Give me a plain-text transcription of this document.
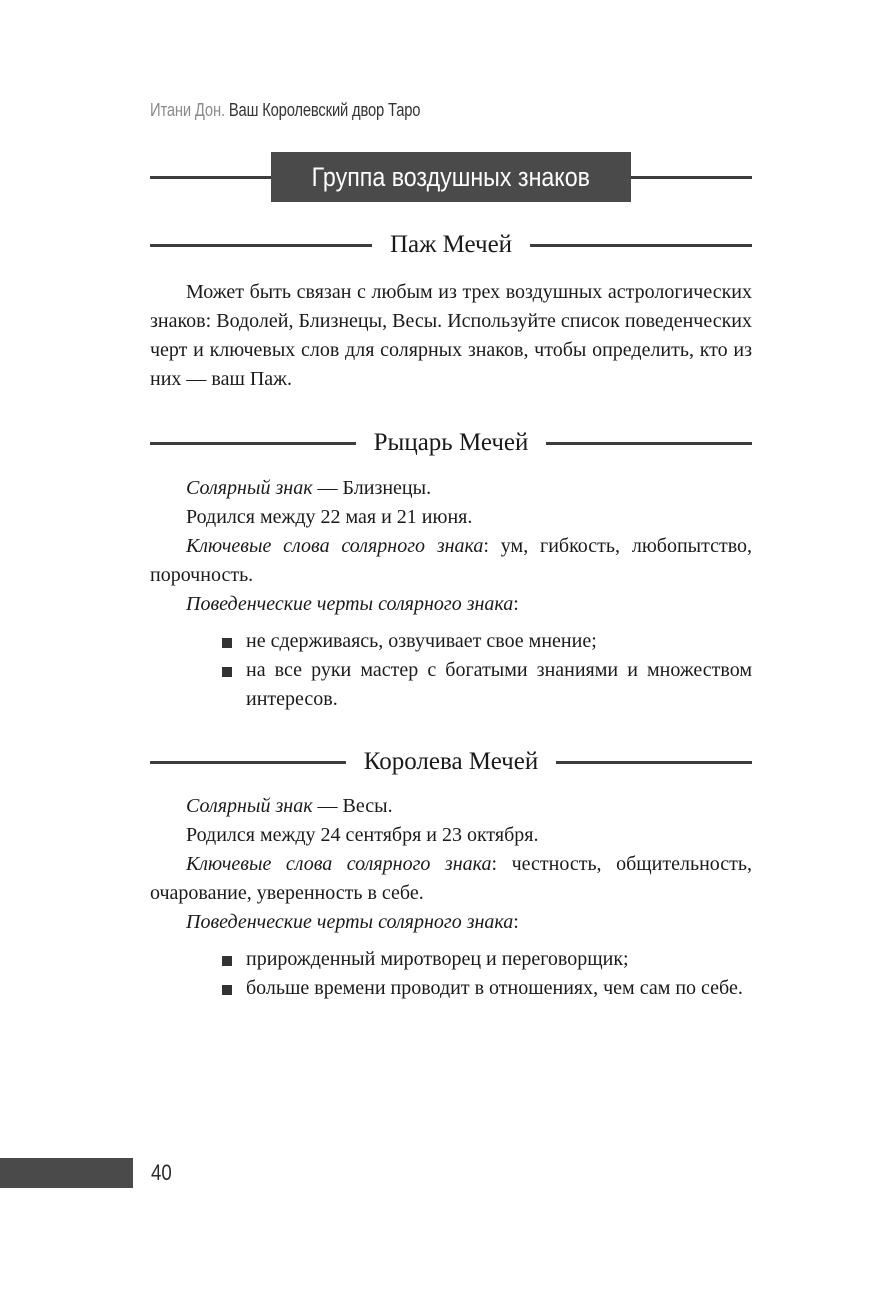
Итани Дон. Ваш Королевский двор Таро
Группа воздушных знаков
Паж Мечей

Может быть связан с любым из трех воздушных астрологических знаков: Водолей, Близнецы, Весы. Используйте список поведенческих черт и ключевых слов для солярных знаков, чтобы определить, кто из них — ваш Паж.

Рыцарь Мечей

Солярный знак — Близнецы.

Родился между 22 мая и 21 июня.

Ключевые слова солярного знака: ум, гибкость, любопытство, порочность.

Поведенческие черты солярного знака:

не сдерживаясь, озвучивает свое мнение;
на все руки мастер с богатыми знаниями и множеством интересов.
Королева Мечей

Солярный знак — Весы.

Родился между 24 сентября и 23 октября.

Ключевые слова солярного знака: честность, общительность, очарование, уверенность в себе.

Поведенческие черты солярного знака:

прирожденный миротворец и переговорщик;
больше времени проводит в отношениях, чем сам по себе.
40
